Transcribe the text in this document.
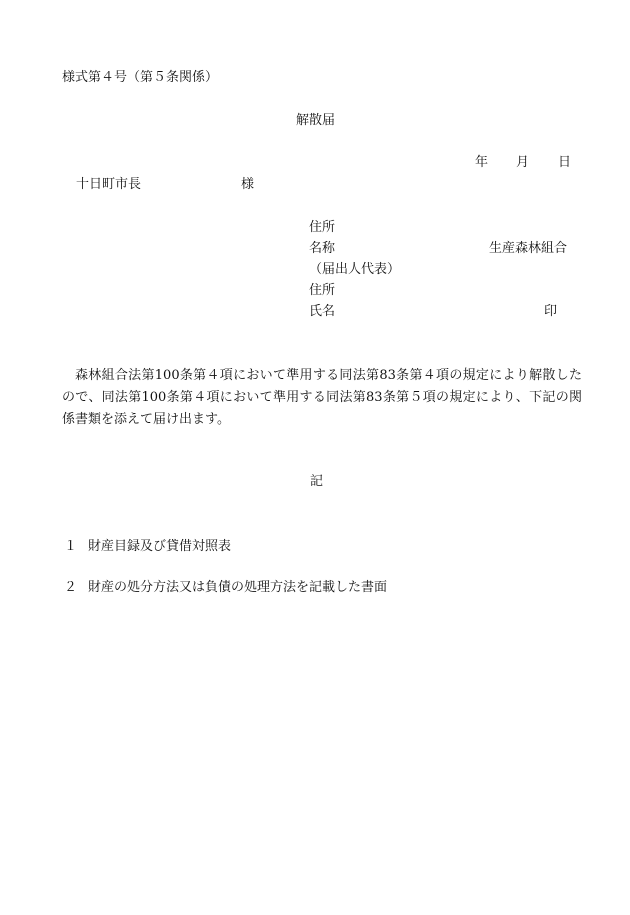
様式第４号（第５条関係）

解散届

年 月 日

十日町市長	様

住所

名称	生産森林組合

（届出人代表）

住所

氏名	印

森林組合法第100条第４項において準用する同法第83条第４項の規定により解散したので、同法第100条第４項において準用する同法第83条第５項の規定により、下記の関係書類を添えて届け出ます。

記

１ 財産目録及び貸借対照表

２ 財産の処分方法又は負債の処理方法を記載した書面
